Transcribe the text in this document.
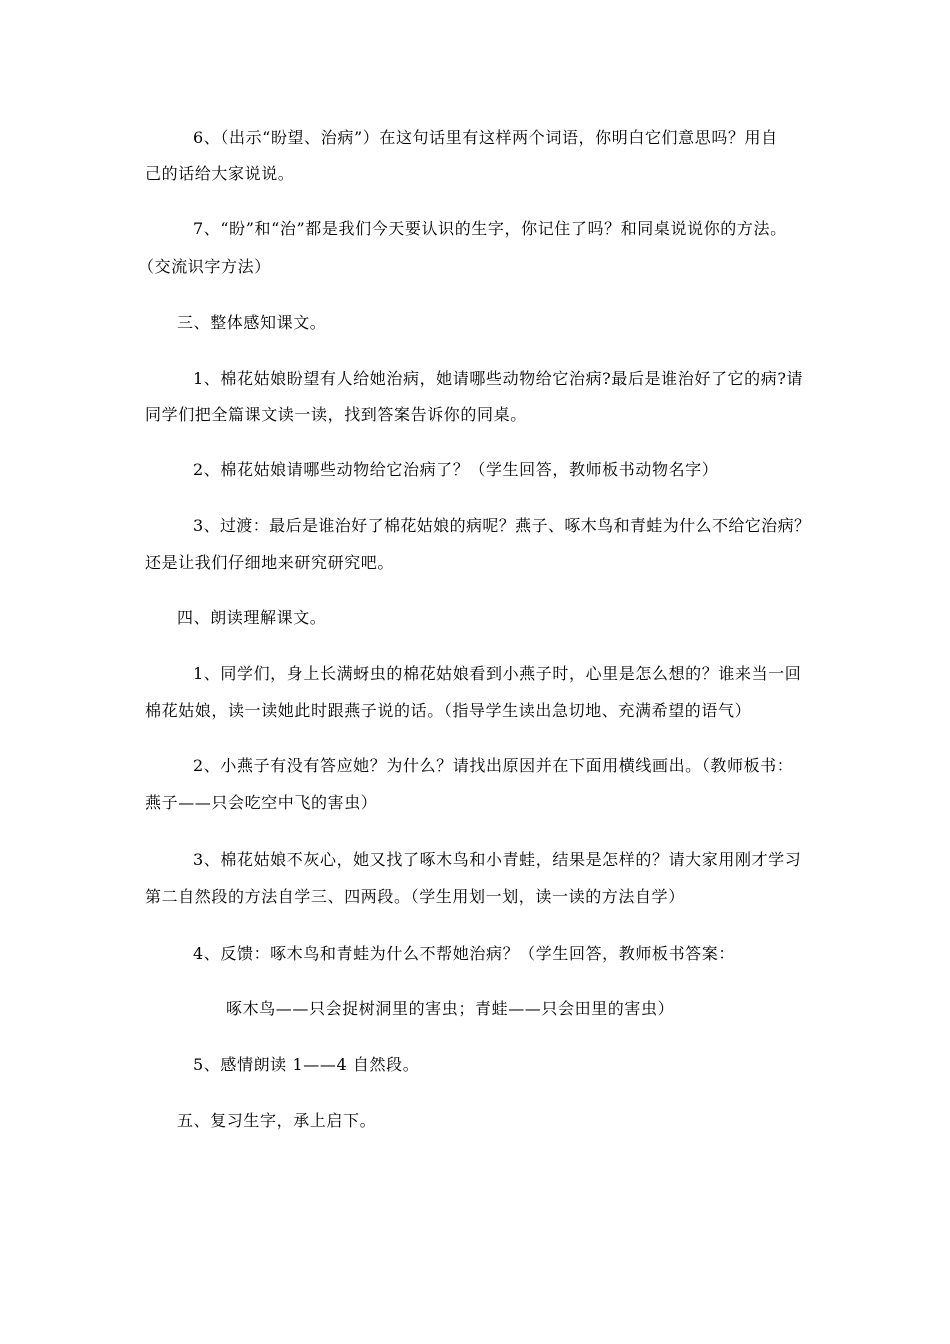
6、（出示“盼望、治病”）在这句话里有这样两个词语，你明白它们意思吗？用自
己的话给大家说说。
7、“盼”和“治”都是我们今天要认识的生字，你记住了吗？和同桌说说你的方法。
（交流识字方法）
三、整体感知课文。
1、棉花姑娘盼望有人给她治病，她请哪些动物给它治病?最后是谁治好了它的病?请
同学们把全篇课文读一读，找到答案告诉你的同桌。
2、棉花姑娘请哪些动物给它治病了？（学生回答，教师板书动物名字）
3、过渡：最后是谁治好了棉花姑娘的病呢？燕子、啄木鸟和青蛙为什么不给它治病？
还是让我们仔细地来研究研究吧。
四、朗读理解课文。
1、同学们，身上长满蚜虫的棉花姑娘看到小燕子时，心里是怎么想的？谁来当一回
棉花姑娘，读一读她此时跟燕子说的话。（指导学生读出急切地、充满希望的语气）
2、小燕子有没有答应她？为什么？请找出原因并在下面用横线画出。（教师板书：
燕子——只会吃空中飞的害虫）
3、棉花姑娘不灰心，她又找了啄木鸟和小青蛙，结果是怎样的？请大家用刚才学习
第二自然段的方法自学三、四两段。（学生用划一划，读一读的方法自学）
4、反馈：啄木鸟和青蛙为什么不帮她治病？（学生回答，教师板书答案：
啄木鸟——只会捉树洞里的害虫；青蛙——只会田里的害虫）
5、感情朗读 1——4 自然段。
五、复习生字，承上启下。
